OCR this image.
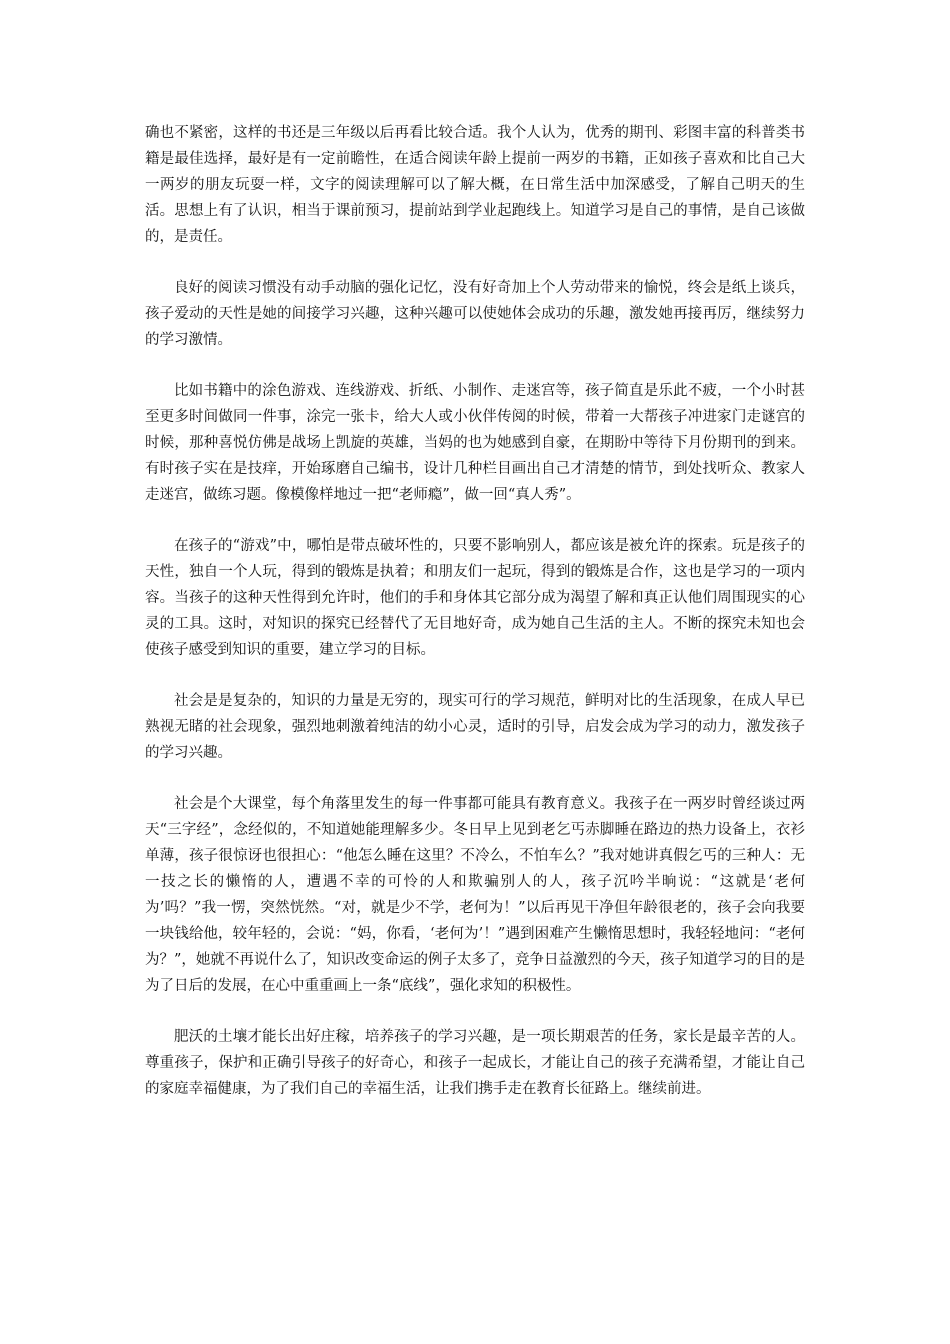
确也不紧密，这样的书还是三年级以后再看比较合适。我个人认为，优秀的期刊、彩图丰富的科普类书籍是最佳选择，最好是有一定前瞻性，在适合阅读年龄上提前一两岁的书籍，正如孩子喜欢和比自己大一两岁的朋友玩耍一样，文字的阅读理解可以了解大概，在日常生活中加深感受，了解自己明天的生活。思想上有了认识，相当于课前预习，提前站到学业起跑线上。知道学习是自己的事情，是自己该做的，是责任。

良好的阅读习惯没有动手动脑的强化记忆，没有好奇加上个人劳动带来的愉悦，终会是纸上谈兵，孩子爱动的天性是她的间接学习兴趣，这种兴趣可以使她体会成功的乐趣，激发她再接再厉，继续努力的学习激情。

比如书籍中的涂色游戏、连线游戏、折纸、小制作、走迷宫等，孩子简直是乐此不疲，一个小时甚至更多时间做同一件事，涂完一张卡，给大人或小伙伴传阅的时候，带着一大帮孩子冲进家门走谜宫的时候，那种喜悦仿佛是战场上凯旋的英雄，当妈的也为她感到自豪，在期盼中等待下月份期刊的到来。有时孩子实在是技痒，开始琢磨自己编书，设计几种栏目画出自己才清楚的情节，到处找听众、教家人走迷宫，做练习题。像模像样地过一把“老师瘾”，做一回“真人秀”。

在孩子的“游戏”中，哪怕是带点破坏性的，只要不影响别人，都应该是被允许的探索。玩是孩子的天性，独自一个人玩，得到的锻炼是执着；和朋友们一起玩，得到的锻炼是合作，这也是学习的一项内容。当孩子的这种天性得到允许时，他们的手和身体其它部分成为渴望了解和真正认他们周围现实的心灵的工具。这时，对知识的探究已经替代了无目地好奇，成为她自己生活的主人。不断的探究未知也会使孩子感受到知识的重要，建立学习的目标。

社会是是复杂的，知识的力量是无穷的，现实可行的学习规范，鲜明对比的生活现象，在成人早已熟视无睹的社会现象，强烈地刺激着纯洁的幼小心灵，适时的引导，启发会成为学习的动力，激发孩子的学习兴趣。

社会是个大课堂，每个角落里发生的每一件事都可能具有教育意义。我孩子在一两岁时曾经谈过两天“三字经”，念经似的，不知道她能理解多少。冬日早上见到老乞丐赤脚睡在路边的热力设备上，衣衫单薄，孩子很惊讶也很担心：“他怎么睡在这里？不冷么，不怕车么？”我对她讲真假乞丐的三种人：无一技之长的懒惰的人，遭遇不幸的可怜的人和欺骗别人的人，孩子沉吟半晌说：“这就是‘老何为’吗？”我一愣，突然恍然。“对，就是少不学，老何为！”以后再见干净但年龄很老的，孩子会向我要一块钱给他，较年轻的，会说：“妈，你看，‘老何为’！”遇到困难产生懒惰思想时，我轻轻地问：“老何为？”，她就不再说什么了，知识改变命运的例子太多了，竞争日益激烈的今天，孩子知道学习的目的是为了日后的发展，在心中重重画上一条“底线”，强化求知的积极性。

肥沃的土壤才能长出好庄稼，培养孩子的学习兴趣，是一项长期艰苦的任务，家长是最辛苦的人。尊重孩子，保护和正确引导孩子的好奇心，和孩子一起成长，才能让自己的孩子充满希望，才能让自己的家庭幸福健康，为了我们自己的幸福生活，让我们携手走在教育长征路上。继续前进。
